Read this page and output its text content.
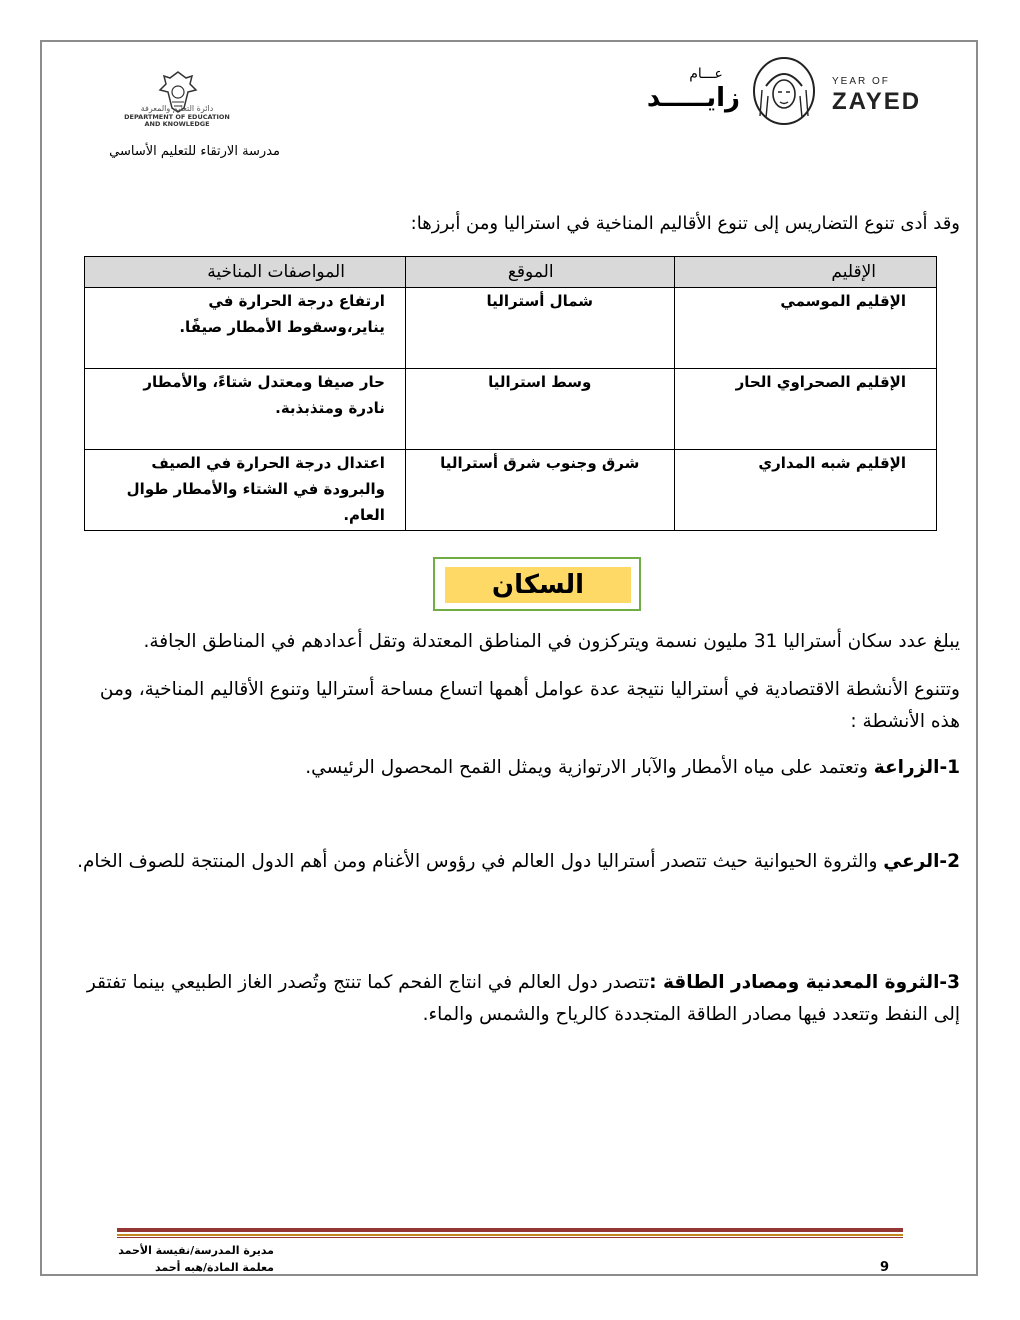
دائرة التعليم والمعرفة
DEPARTMENT OF EDUCATION
AND KNOWLEDGE
مدرسة الارتقاء للتعليم الأساسي
عـــام
زايـــــد
YEAR OF
ZAYED
وقد أدى تنوع التضاريس إلى تنوع الأقاليم المناخية في استراليا ومن أبرزها:
الإقليم	الموقع	المواصفات المناخية
الإقليم الموسمي	شمال أستراليا	ارتفاع درجة الحرارة في يناير،وسقوط الأمطار صيفًا.

الإقليم الصحراوي الحار	وسط استراليا	حار صيفا ومعتدل شتاءً، والأمطار نادرة ومتذبذبة.

الإقليم شبه المداري	شرق وجنوب شرق أستراليا	اعتدال درجة الحرارة في الصيف والبرودة في الشتاء والأمطار طوال العام.
السكان
يبلغ عدد سكان أستراليا 31 مليون نسمة ويتركزون في المناطق المعتدلة وتقل أعدادهم في المناطق الجافة.
وتتنوع الأنشطة الاقتصادية في أستراليا نتيجة عدة عوامل أهمها اتساع مساحة أستراليا وتنوع الأقاليم المناخية، ومن هذه الأنشطة :
1-الزراعة وتعتمد على مياه الأمطار والآبار الارتوازية ويمثل القمح المحصول الرئيسي.
2-الرعي والثروة الحيوانية حيث تتصدر أستراليا دول العالم في رؤوس الأغنام ومن أهم الدول المنتجة للصوف الخام.
3-الثروة المعدنية ومصادر الطاقة :تتصدر دول العالم في انتاج الفحم كما تنتج وتُصدر الغاز الطبيعي بينما تفتقر إلى النفط وتتعدد فيها مصادر الطاقة المتجددة كالرياح والشمس والماء.
مديرة المدرسة/نفيسة الأحمد
معلمة المادة/هبه أحمد	9
